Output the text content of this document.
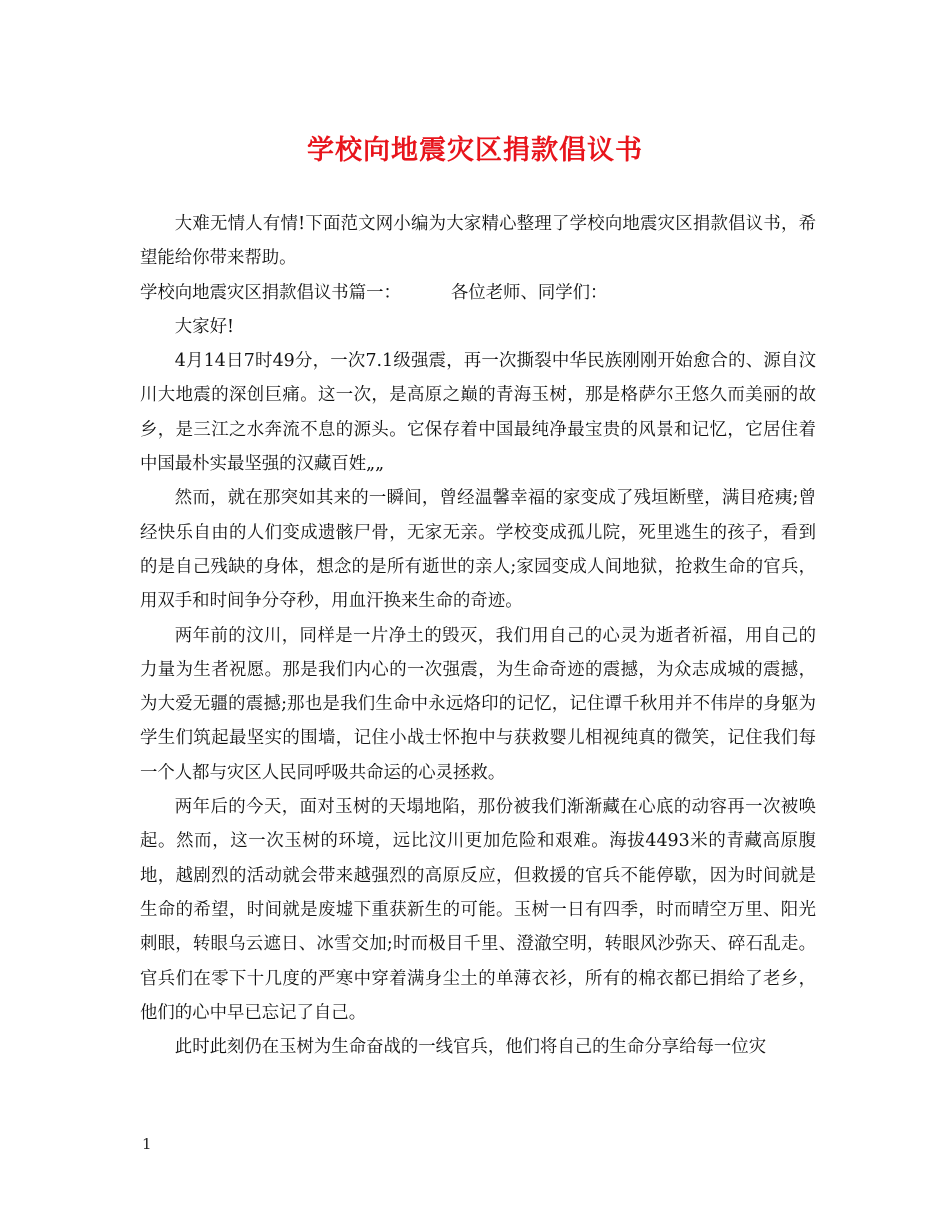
学校向地震灾区捐款倡议书

大难无情人有情!下面范文网小编为大家精心整理了学校向地震灾区捐款倡议书，希望能给你带来帮助。

学校向地震灾区捐款倡议书篇一：	各位老师、同学们：

大家好!

4月14日7时49分，一次7.1级强震，再一次撕裂中华民族刚刚开始愈合的、源自汶川大地震的深创巨痛。这一次，是高原之巅的青海玉树，那是格萨尔王悠久而美丽的故乡，是三江之水奔流不息的源头。它保存着中国最纯净最宝贵的风景和记忆，它居住着中国最朴实最坚强的汉藏百姓„„

然而，就在那突如其来的一瞬间，曾经温馨幸福的家变成了残垣断壁，满目疮痍;曾经快乐自由的人们变成遗骸尸骨，无家无亲。学校变成孤儿院，死里逃生的孩子，看到的是自己残缺的身体，想念的是所有逝世的亲人;家园变成人间地狱，抢救生命的官兵，用双手和时间争分夺秒，用血汗换来生命的奇迹。

两年前的汶川，同样是一片净土的毁灭，我们用自己的心灵为逝者祈福，用自己的力量为生者祝愿。那是我们内心的一次强震，为生命奇迹的震撼，为众志成城的震撼，为大爱无疆的震撼;那也是我们生命中永远烙印的记忆，记住谭千秋用并不伟岸的身躯为学生们筑起最坚实的围墙，记住小战士怀抱中与获救婴儿相视纯真的微笑，记住我们每一个人都与灾区人民同呼吸共命运的心灵拯救。

两年后的今天，面对玉树的天塌地陷，那份被我们渐渐藏在心底的动容再一次被唤起。然而，这一次玉树的环境，远比汶川更加危险和艰难。海拔4493米的青藏高原腹地，越剧烈的活动就会带来越强烈的高原反应，但救援的官兵不能停歇，因为时间就是生命的希望，时间就是废墟下重获新生的可能。玉树一日有四季，时而晴空万里、阳光刺眼，转眼乌云遮日、冰雪交加;时而极目千里、澄澈空明，转眼风沙弥天、碎石乱走。官兵们在零下十几度的严寒中穿着满身尘土的单薄衣衫，所有的棉衣都已捐给了老乡，他们的心中早已忘记了自己。

此时此刻仍在玉树为生命奋战的一线官兵，他们将自己的生命分享给每一位灾

1
